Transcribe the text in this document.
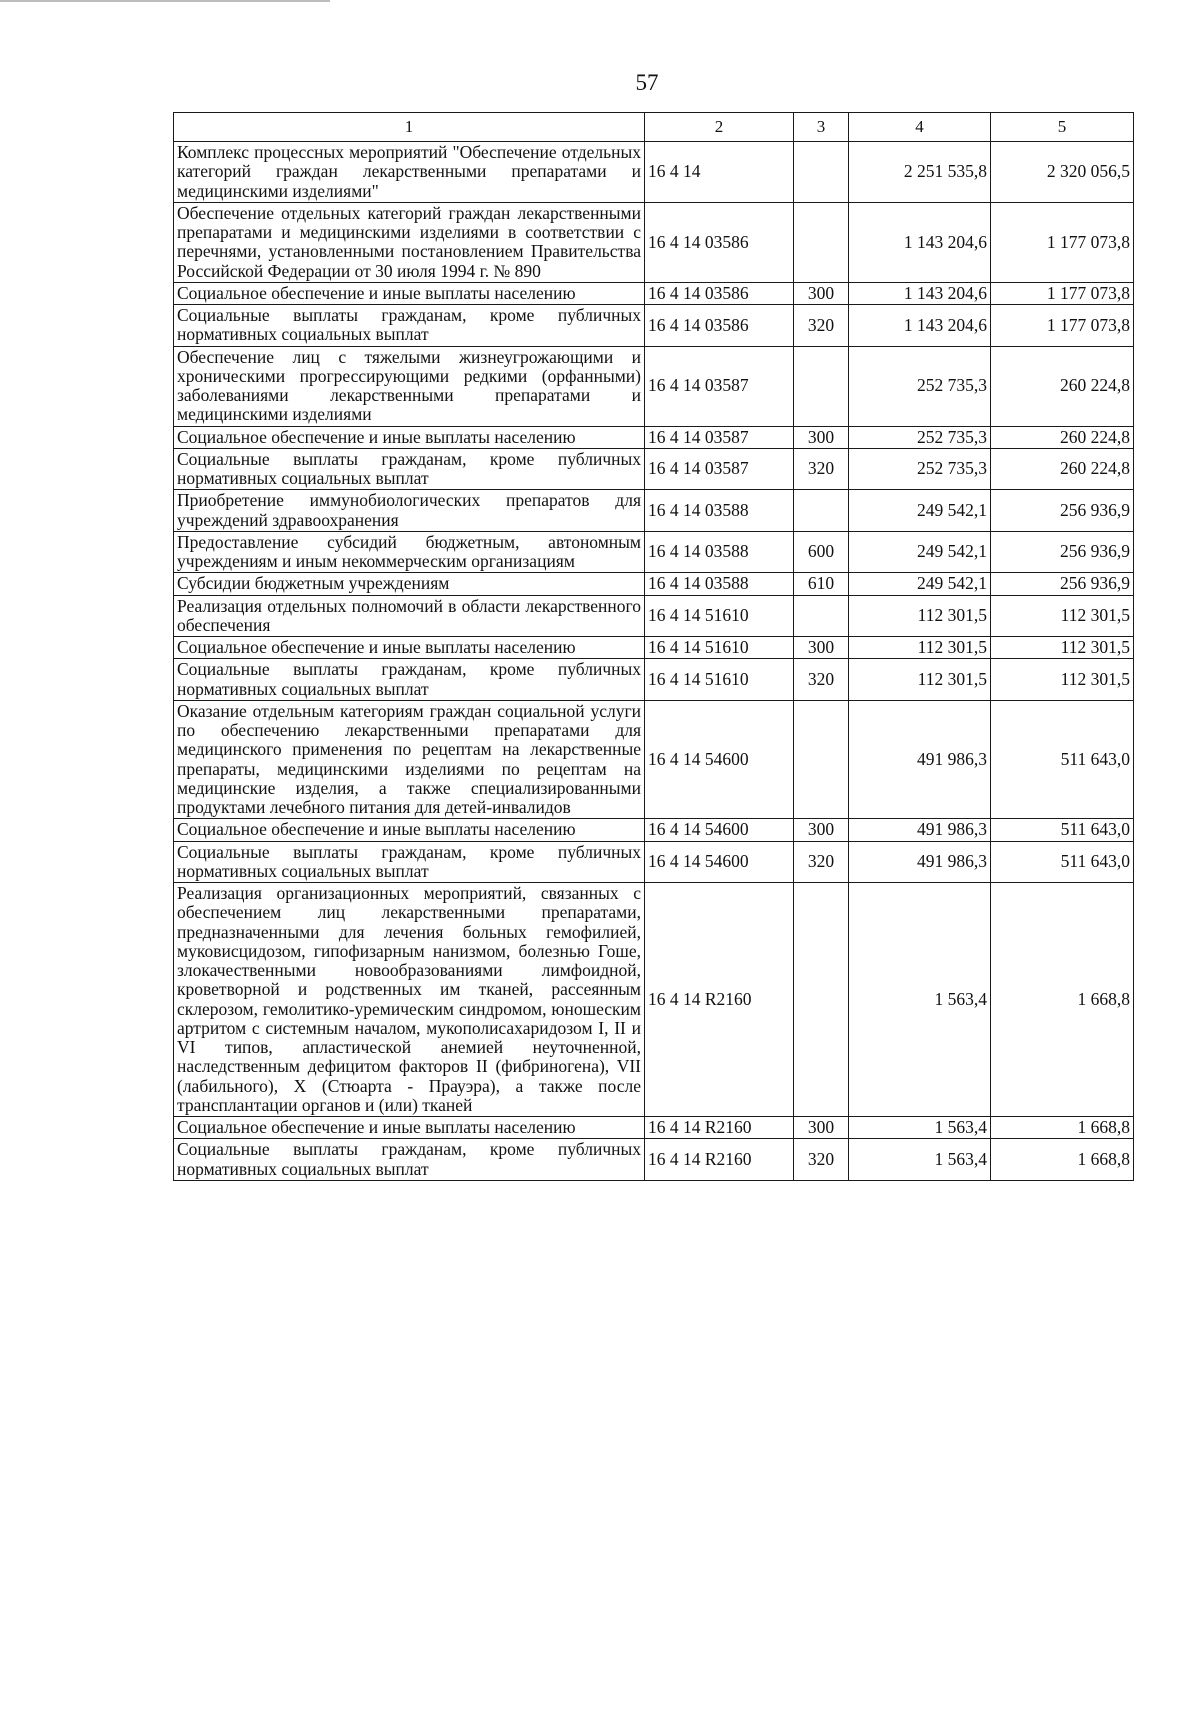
57
1	2	3	4	5
Комплекс процессных мероприятий "Обеспечение отдельных категорий граждан лекарственными препаратами и медицинскими изделиями"	16 4 14		2 251 535,8	2 320 056,5
Обеспечение отдельных категорий граждан лекарственными препаратами и медицинскими изделиями в соответствии с перечнями, установленными постановлением Правительства Российской Федерации от 30 июля 1994 г. № 890	16 4 14 03586		1 143 204,6	1 177 073,8
Социальное обеспечение и иные выплаты населению	16 4 14 03586	300	1 143 204,6	1 177 073,8
Социальные выплаты гражданам, кроме публичных нормативных социальных выплат	16 4 14 03586	320	1 143 204,6	1 177 073,8
Обеспечение лиц с тяжелыми жизнеугрожающими и хроническими прогрессирующими редкими (орфанными) заболеваниями лекарственными препаратами и медицинскими изделиями	16 4 14 03587		252 735,3	260 224,8
Социальное обеспечение и иные выплаты населению	16 4 14 03587	300	252 735,3	260 224,8
Социальные выплаты гражданам, кроме публичных нормативных социальных выплат	16 4 14 03587	320	252 735,3	260 224,8
Приобретение иммунобиологических препаратов для учреждений здравоохранения	16 4 14 03588		249 542,1	256 936,9
Предоставление субсидий бюджетным, автономным учреждениям и иным некоммерческим организациям	16 4 14 03588	600	249 542,1	256 936,9
Субсидии бюджетным учреждениям	16 4 14 03588	610	249 542,1	256 936,9
Реализация отдельных полномочий в области лекарственного обеспечения	16 4 14 51610		112 301,5	112 301,5
Социальное обеспечение и иные выплаты населению	16 4 14 51610	300	112 301,5	112 301,5
Социальные выплаты гражданам, кроме публичных нормативных социальных выплат	16 4 14 51610	320	112 301,5	112 301,5
Оказание отдельным категориям граждан социальной услуги по обеспечению лекарственными препаратами для медицинского применения по рецептам на лекарственные препараты, медицинскими изделиями по рецептам на медицинские изделия, а также специализированными продуктами лечебного питания для детей-инвалидов	16 4 14 54600		491 986,3	511 643,0
Социальное обеспечение и иные выплаты населению	16 4 14 54600	300	491 986,3	511 643,0
Социальные выплаты гражданам, кроме публичных нормативных социальных выплат	16 4 14 54600	320	491 986,3	511 643,0
Реализация организационных мероприятий, связанных с обеспечением лиц лекарственными препаратами, предназначенными для лечения больных гемофилией, муковисцидозом, гипофизарным нанизмом, болезнью Гоше, злокачественными новообразованиями лимфоидной, кроветворной и родственных им тканей, рассеянным склерозом, гемолитико-уремическим синдромом, юношеским артритом с системным началом, мукополисахаридозом I, II и VI типов, апластической анемией неуточненной, наследственным дефицитом факторов II (фибриногена), VII (лабильного), X (Стюарта - Прауэра), а также после трансплантации органов и (или) тканей	16 4 14 R2160		1 563,4	1 668,8
Социальное обеспечение и иные выплаты населению	16 4 14 R2160	300	1 563,4	1 668,8
Социальные выплаты гражданам, кроме публичных нормативных социальных выплат	16 4 14 R2160	320	1 563,4	1 668,8
